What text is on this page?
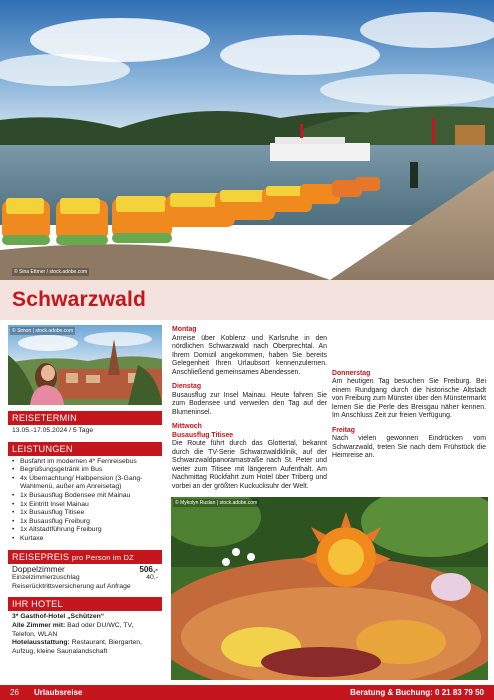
© Sina Ettmer / stock.adobe.com
Schwarzwald
© Simon | stock.adobe.com
REISETERMIN
13.05.-17.05.2024 / 5 Tage
LEISTUNGEN
• Busfahrt im modernen 4* Fernreisebus
• Begrüßungsgetränk im Bus
• 4x Übernachtung/ Halbpension (3-Gang-Wahlmenü, außer am Anreisetag)
• 1x Busausflug Bodensee mit Mainau
• 1x Eintritt Insel Mainau
• 1x Busausflug Titisee
• 1x Busausflug Freiburg
• 1x Altstadtführung Freiburg
• Kurtaxe
REISEPREIS pro Person im DZ
Doppelzimmer	506,-
Einzelzimmerzuschlag	40,-
Reiserücktrittsversicherung auf Anfrage
IHR HOTEL
3* Gasthof-Hotel „Schützen“
Alle Zimmer mit: Bad oder DU/WC, TV, Telefon, WLAN
Hotelausstattung: Restaurant, Biergarten, Aufzug, kleine Saunalandschaft
Montag
Anreise über Koblenz und Karlsruhe in den nördlichen Schwarzwald nach Oberprechtal. An Ihrem Domizil angekommen, haben Sie bereits Gelegenheit Ihren Urlaubsort kennenzulernen. Anschließend gemeinsames Abendessen.
Dienstag
Busausflug zur Insel Mainau. Heute fahren Sie zum Bodensee und verweilen den Tag auf der Blumeninsel.
Mittwoch
Busausflug Titisee
Die Route führt durch das Glottertal, bekannt durch die TV-Serie Schwarzwaldklinik, auf der Schwarzwaldpanoramastraße nach St. Peter und weiter zum Titisee mit längerem Aufenthalt. Am Nachmittag Rückfahrt zum Hotel über Triberg und vorbei an der größten Kuckucksuhr der Welt.
Donnerstag
Am heutigen Tag besuchen Sie Freiburg. Bei einem Rundgang durch die historische Altstadt von Freiburg zum Münster über den Münstermarkt lernen Sie die Perle des Breisgau näher kennen. Im Anschluss Zeit zur freien Verfügung.
Freitag
Nach vielen gewonnen Eindrücken vom Schwarzwald, treten Sie nach dem Frühstück die Heimreise an.
© Mykolyn Ruslan | stock.adobe.com
26 Urlaubsreise	Beratung & Buchung: 0 21 83 79 50
